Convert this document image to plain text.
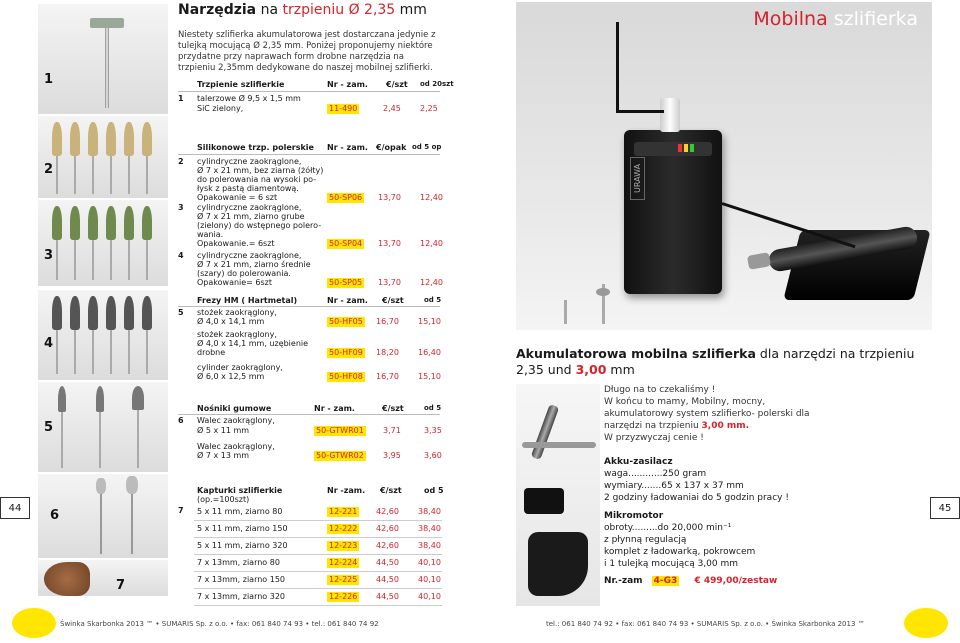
Narzędzia na trzpieniu Ø 2,35 mm
1
Niestety szlifierka akumulatorowa jest dostarczana jedynie z tulejką mocującą Ø 2,35 mm. Poniżej proponujemy niektóre przydatne przy naprawach form drobne narzędzia na trzpieniu 2,35mm dedykowane do naszej mobilnej szlifierki.
Trzpienie szlifierkie	Nr - zam. €/szt od 20szt
1 talerzowe Ø 9,5 x 1,5 mm
SiC zielony,	11-490	2,45 2,25
2
3
4
Silikonowe trzp. polerskie Nr - zam. €/opak od 5 op
2 cylindryczne zaokrąglone,
Ø 7 x 21 mm, bez ziarna (żółty)
do polerowania na wysoki po-
łysk z pastą diamentową.
Opakowanie = 6 szt	50-SP06 13,70 12,40
3 cylindryczne zaokrąglone,
Ø 7 x 21 mm, ziarno grube
(zielony) do wstępnego polero-
wania.
Opakowanie.= 6szt	50-SP04 13,70 12,40
4 cylindryczne zaokrąglone,
Ø 7 x 21 mm, ziarno średnie
(szary) do polerowania.
Opakowanie= 6szt	50-SP05 13,70 12,40
Frezy HM ( Hartmetal)	Nr - zam. €/szt	od 5
5 stożek zaokrąglony,
Ø 4,0 x 14,1 mm	50-HF05 16,70 15,10
stożek zaokrąglony,
Ø 4,0 x 14,1 mm, uzębienie
drobne	50-HF09 18,20 16,40
cylinder zaokrąglony,
Ø 6,0 x 12,5 mm	50-HF08 16,70 15,10
5
Nośniki gumowe	Nr - zam.	€/szt	od 5
6 Walec zaokrąglony,
Ø 5 x 11 mm	50-GTWR01 3,71	3,35
Walec zaokrąglony,
Ø 7 x 13 mm	50-GTWR02 3,95	3,60
6
7
Kapturki szlifierkie
(op.=100szt)
Nr -zam. €/szt	od 5
7 5 x 11 mm, ziarno 80	12-221 42,60 38,40
5 x 11 mm, ziarno 150	12-222 42,60 38,40
5 x 11 mm, ziarno 320	12-223 42,60 38,40
7 x 13mm, ziarno 80	12-224 44,50 40,10
7 x 13mm, ziarno 150	12-225 44,50 40,10
7 x 13mm, ziarno 320	12-226 44,50 40,10
44
Mobilna szlifierka
URAWA
Akumulatorowa mobilna szlifierka dla narzędzi na trzpieniu
2,35 und 3,00 mm
Długo na to czekaliśmy !
W końcu to mamy, Mobilny, mocny, akumulatorowy system szlifierko- polerski dla narzędzi na trzpieniu 3,00 mm.
W przyzwyczaj cenie !
Akku-zasilacz
waga............250 gram
wymiary.......65 x 137 x 37 mm
2 godziny ładowaniai do 5 godzin pracy !
Mikromotor
obroty.........do 20,000 min⁻¹
z płynną regulacją
komplet z ładowarką, pokrowcem
i 1 tulejką mocującą 3,00 mm
Nr.-zam 4-G3 € 499,00/zestaw
45
Świnka Skarbonka 2013 ™ • SUMARIS Sp. z o.o. • fax: 061 840 74 93 • tel.: 061 840 74 92	tel.: 061 840 74 92 • fax: 061 840 74 93 • SUMARIS Sp. z o.o. • Świnka Skarbonka 2013 ™
